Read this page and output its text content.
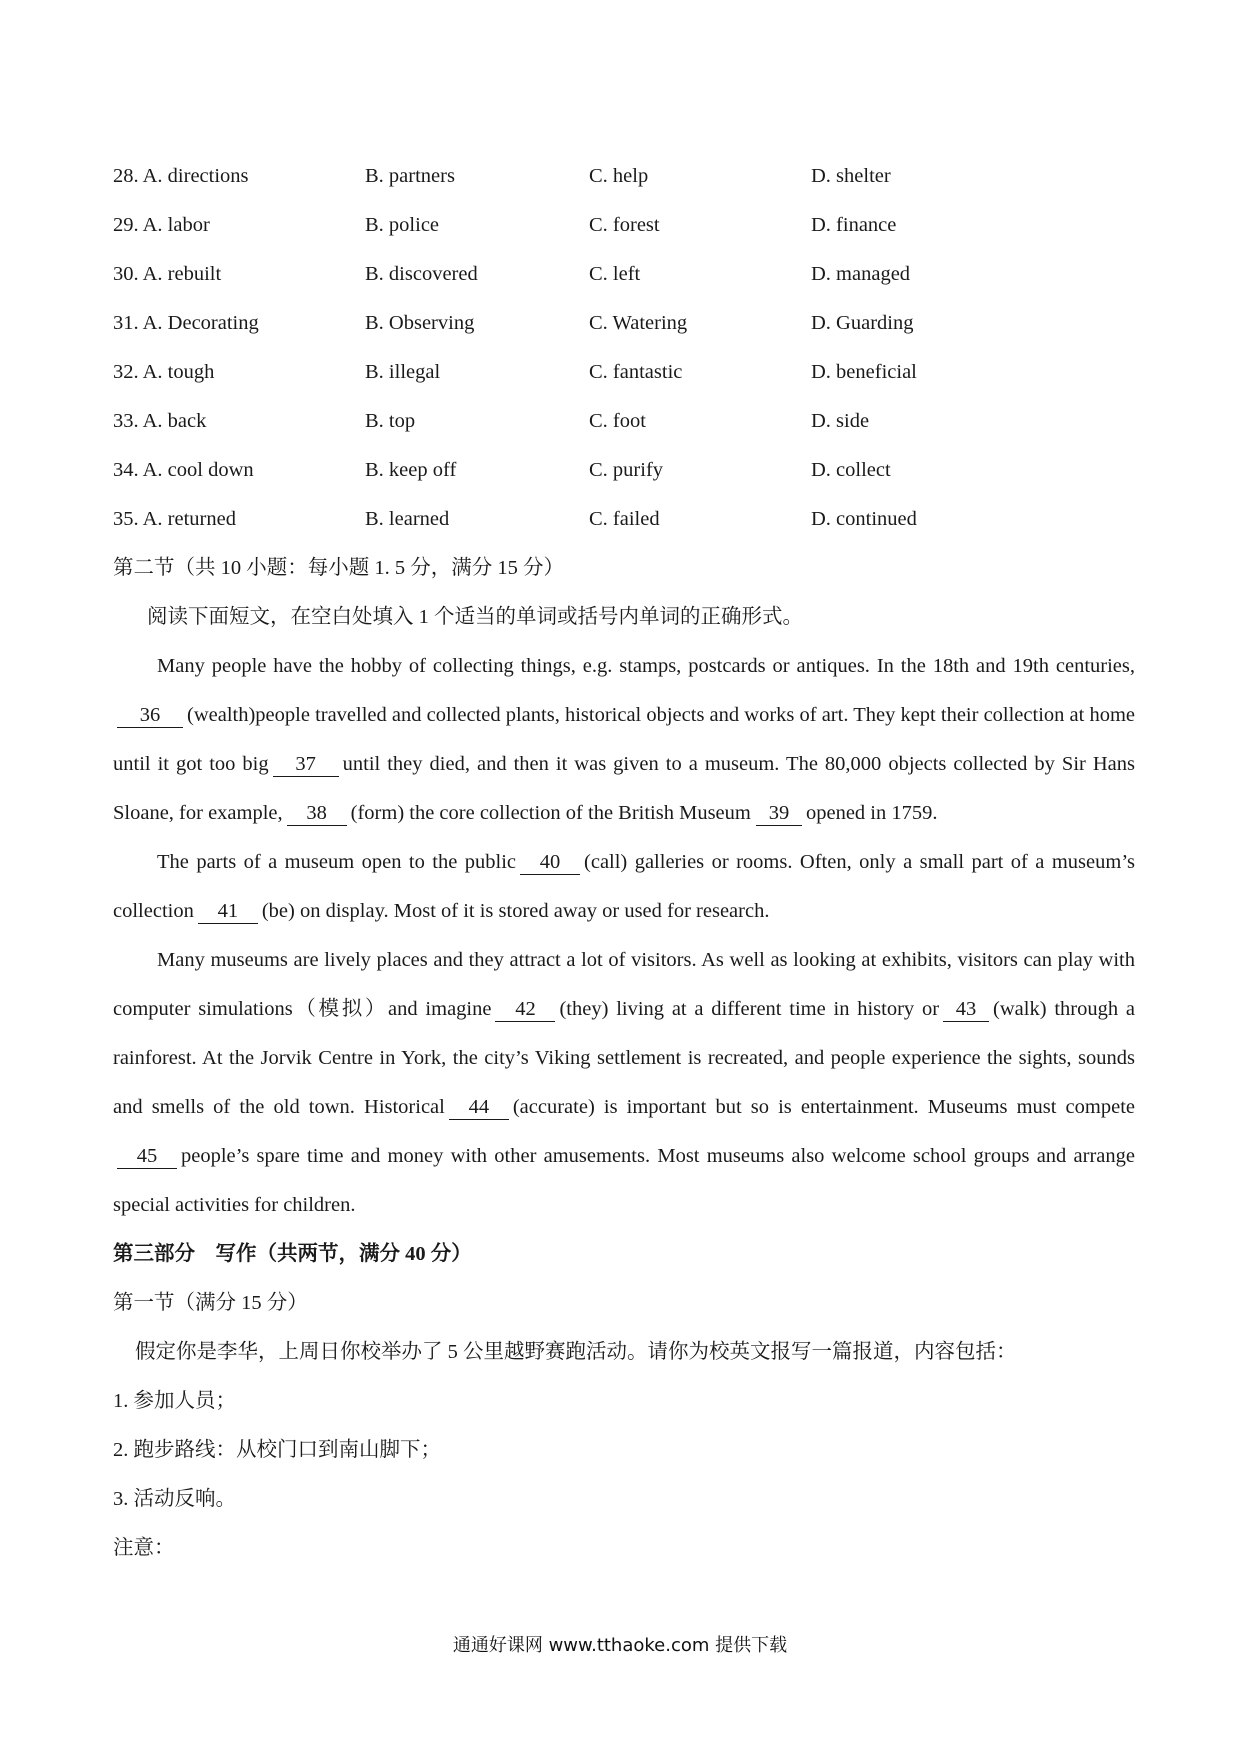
28. A. directions	B. partners	C. help	D. shelter
29. A. labor	B. police	C. forest	D. finance
30. A. rebuilt	B. discovered	C. left	D. managed
31. A. Decorating	B. Observing	C. Watering	D. Guarding
32. A. tough	B. illegal	C. fantastic	D. beneficial
33. A. back	B. top	C. foot	D. side
34. A. cool down	B. keep off	C. purify	D. collect
35. A. returned	B. learned	C. failed	D. continued
第二节（共 10 小题：每小题 1. 5 分，满分 15 分）
阅读下面短文，在空白处填入 1 个适当的单词或括号内单词的正确形式。

Many people have the hobby of collecting things, e.g. stamps, postcards or antiques. In the 18th and 19th centuries,36 (wealth)people travelled and collected plants, historical objects and works of art. They kept their collection at home until it got too big 37 until they died, and then it was given to a museum. The 80,000 objects collected by Sir Hans Sloane, for example, 38 (form) the core collection of the British Museum 39 opened in 1759.

The parts of a museum open to the public 40 (call) galleries or rooms. Often, only a small part of a museum’s collection 41 (be) on display. Most of it is stored away or used for research.

Many museums are lively places and they attract a lot of visitors. As well as looking at exhibits, visitors can play with computer simulations（模拟）and imagine 42 (they) living at a different time in history or 43 (walk) through a rainforest. At the Jorvik Centre in York, the city’s Viking settlement is recreated, and people experience the sights, sounds and smells of the old town. Historical 44 (accurate) is important but so is entertainment. Museums must compete45 people’s spare time and money with other amusements. Most museums also welcome school groups and arrange special activities for children.

第三部分　写作（共两节，满分 40 分）
第一节（满分 15 分）
假定你是李华，上周日你校举办了 5 公里越野赛跑活动。请你为校英文报写一篇报道，内容包括：
1. 参加人员；
2. 跑步路线：从校门口到南山脚下；
3. 活动反响。
注意：
通通好课网 www.tthaoke.com 提供下载
